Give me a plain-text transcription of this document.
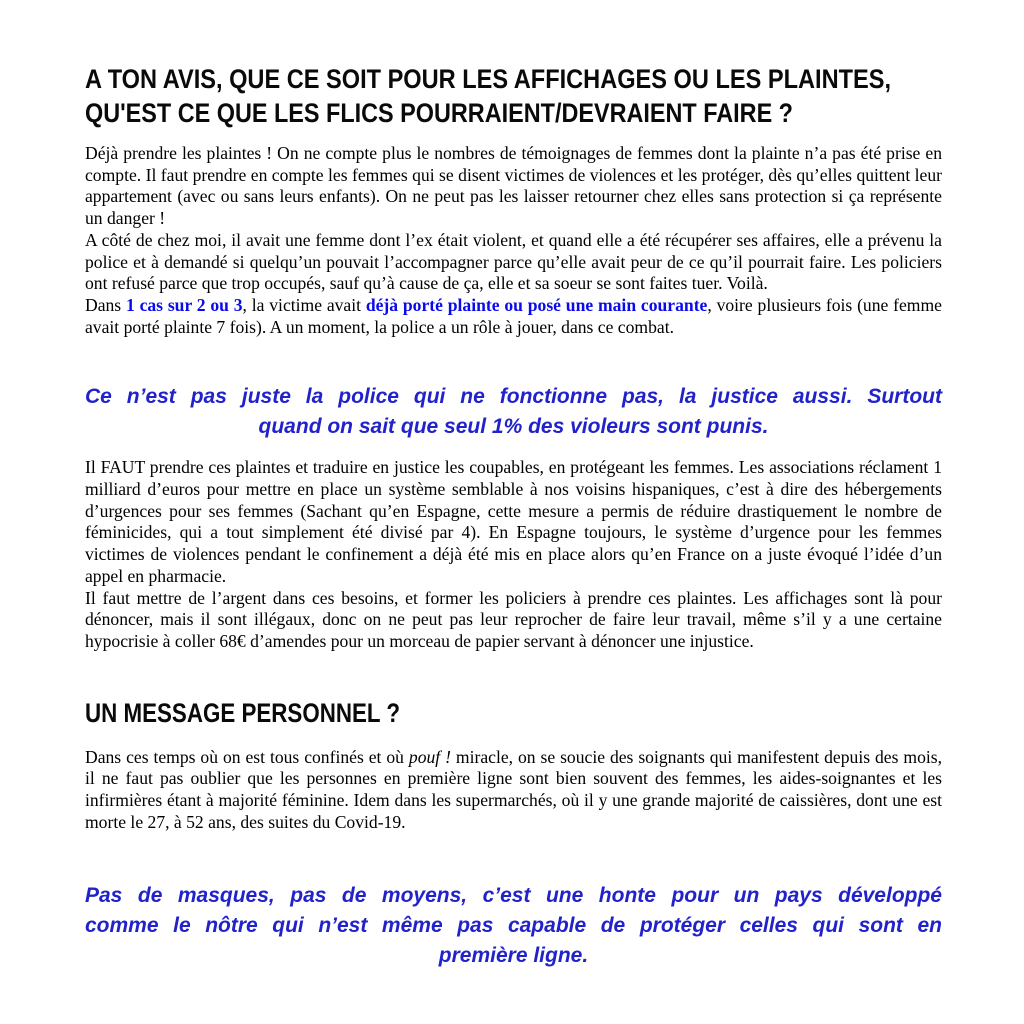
A TON AVIS, QUE CE SOIT POUR LES AFFICHAGES OU LES PLAINTES,
QU'EST CE QUE LES FLICS POURRAIENT/DEVRAIENT FAIRE ?

Déjà prendre les plaintes ! On ne compte plus le nombres de témoignages de femmes dont la plainte n’a pas été prise en compte. Il faut prendre en compte les femmes qui se disent victimes de violences et les protéger, dès qu’elles quittent leur appartement (avec ou sans leurs enfants). On ne peut pas les laisser retourner chez elles sans protection si ça représente un danger !

A côté de chez moi, il avait une femme dont l’ex était violent, et quand elle a été récupérer ses affaires, elle a prévenu la police et à demandé si quelqu’un pouvait l’accompagner parce qu’elle avait peur de ce qu’il pourrait faire. Les policiers ont refusé parce que trop occupés, sauf qu’à cause de ça, elle et sa soeur se sont faites tuer. Voilà.

Dans 1 cas sur 2 ou 3, la victime avait déjà porté plainte ou posé une main courante, voire plusieurs fois (une femme avait porté plainte 7 fois). A un moment, la police a un rôle à jouer, dans ce combat.

Ce n’est pas juste la police qui ne fonctionne pas, la justice aussi. Surtout
quand on sait que seul 1% des violeurs sont punis.

Il FAUT prendre ces plaintes et traduire en justice les coupables, en protégeant les femmes. Les associations réclament 1 milliard d’euros pour mettre en place un système semblable à nos voisins hispaniques, c’est à dire des hébergements d’urgences pour ses femmes (Sachant qu’en Espagne, cette mesure a permis de réduire drastiquement le nombre de féminicides, qui a tout simplement été divisé par 4). En Espagne toujours, le système d’urgence pour les femmes victimes de violences pendant le confinement a déjà été mis en place alors qu’en France on a juste évoqué l’idée d’un appel en pharmacie.

Il faut mettre de l’argent dans ces besoins, et former les policiers à prendre ces plaintes. Les affichages sont là pour dénoncer, mais il sont illégaux, donc on ne peut pas leur reprocher de faire leur travail, même s’il y a une certaine hypocrisie à coller 68€ d’amendes pour un morceau de papier servant à dénoncer une injustice.

UN MESSAGE PERSONNEL ?

Dans ces temps où on est tous confinés et où pouf ! miracle, on se soucie des soignants qui manifestent depuis des mois, il ne faut pas oublier que les personnes en première ligne sont bien souvent des femmes, les aides-soignantes et les infirmières étant à majorité féminine. Idem dans les supermarchés, où il y une grande majorité de caissières, dont une est morte le 27, à 52 ans, des suites du Covid-19.

Pas de masques, pas de moyens, c’est une honte pour un pays développé
comme le nôtre qui n’est même pas capable de protéger celles qui sont en
première ligne.
